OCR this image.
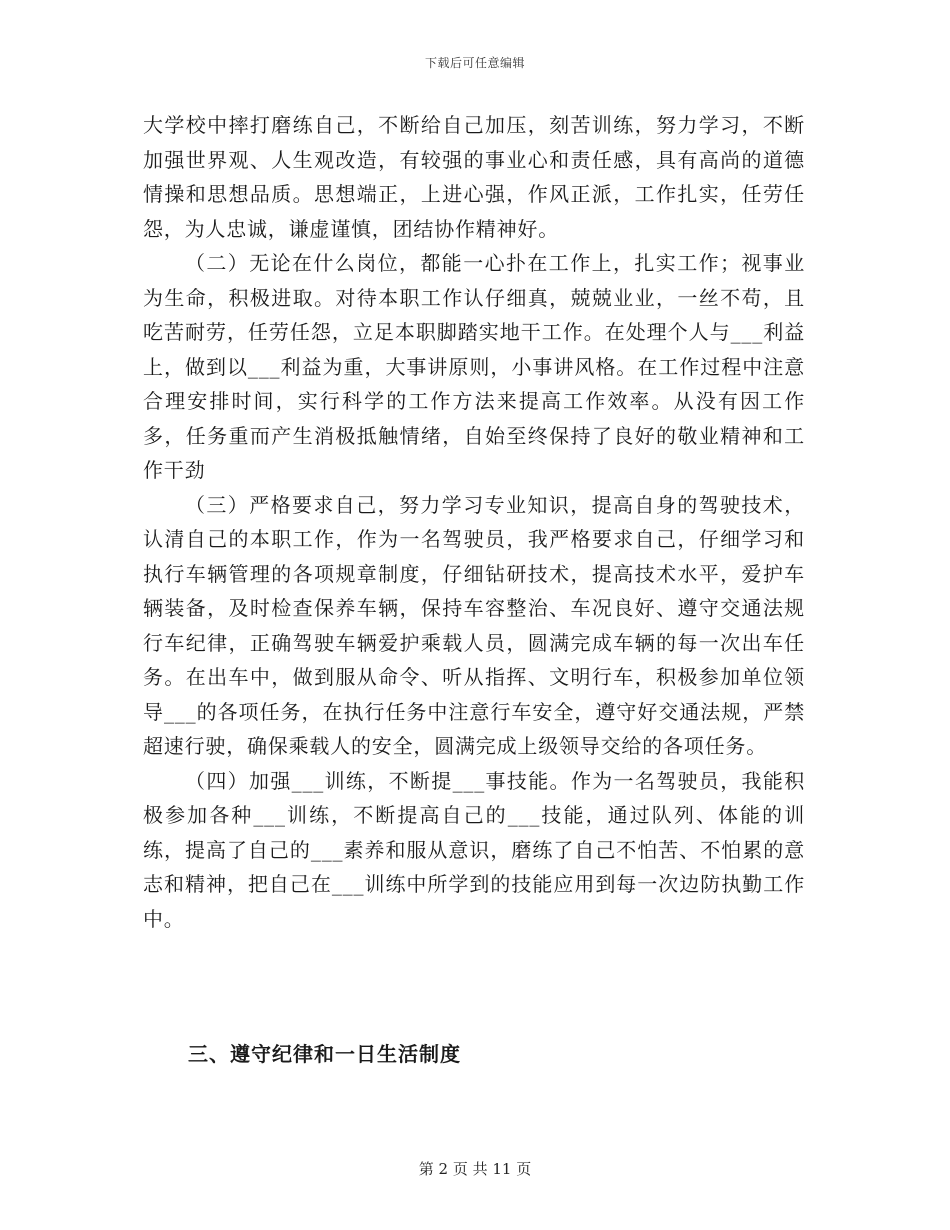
下载后可任意编辑

大学校中摔打磨练自己，不断给自己加压，刻苦训练，努力学习，不断加强世界观、人生观改造，有较强的事业心和责任感，具有高尚的道德情操和思想品质。思想端正，上进心强，作风正派，工作扎实，任劳任怨，为人忠诚，谦虚谨慎，团结协作精神好。

（二）无论在什么岗位，都能一心扑在工作上，扎实工作；视事业为生命，积极进取。对待本职工作认仔细真，兢兢业业，一丝不苟，且吃苦耐劳，任劳任怨，立足本职脚踏实地干工作。在处理个人与___利益上，做到以___利益为重，大事讲原则，小事讲风格。在工作过程中注意合理安排时间，实行科学的工作方法来提高工作效率。从没有因工作多，任务重而产生消极抵触情绪，自始至终保持了良好的敬业精神和工作干劲

（三）严格要求自己，努力学习专业知识，提高自身的驾驶技术，认清自己的本职工作，作为一名驾驶员，我严格要求自己，仔细学习和执行车辆管理的各项规章制度，仔细钻研技术，提高技术水平，爱护车辆装备，及时检查保养车辆，保持车容整治、车况良好、遵守交通法规行车纪律，正确驾驶车辆爱护乘载人员，圆满完成车辆的每一次出车任务。在出车中，做到服从命令、听从指挥、文明行车，积极参加单位领导___的各项任务，在执行任务中注意行车安全，遵守好交通法规，严禁超速行驶，确保乘载人的安全，圆满完成上级领导交给的各项任务。

（四）加强___训练，不断提___事技能。作为一名驾驶员，我能积极参加各种___训练，不断提高自己的___技能，通过队列、体能的训练，提高了自己的___素养和服从意识，磨练了自己不怕苦、不怕累的意志和精神，把自己在___训练中所学到的技能应用到每一次边防执勤工作中。

三、遵守纪律和一日生活制度
第 2 页 共 11 页
